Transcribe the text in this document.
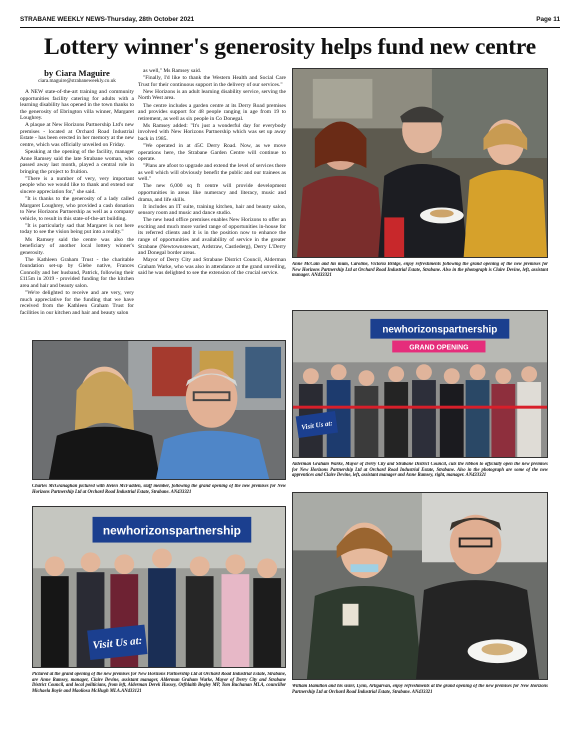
STRABANE WEEKLY NEWS-Thursday, 28th October 2021	Page 11
Lottery winner's generosity helps fund new centre
by Ciara Maguire
ciara.maguire@strabaneweekly.co.uk

A NEW state-of-the-art training and community opportunities facility catering for adults with a learning disability has opened in the town thanks to the generosity of Ebrington villa winner, Margaret Loughrey.

A plaque at New Horizons Partnership Ltd's new premises - located at Orchard Road Industrial Estate - has been erected in her memory at the new centre, which was officially unveiled on Friday.

Speaking at the opening of the facility, manager Anne Ramsey said the late Strabane woman, who passed away last month, played a central role in bringing the project to fruition.

"There is a number of very, very important people who we would like to thank and extend our sincere appreciation for," she said.

"It is thanks to the generosity of a lady called Margaret Loughrey, who provided a cash donation to New Horizons Partnership as well as a company vehicle, to result in this state-of-the-art building.

"It is particularly sad that Margaret is not here today to see the vision being put into a reality."

Ms Ramsey said the centre was also the beneficiary of another local lottery winner's generosity.

The Kathleen Graham Trust - the charitable foundation set-up by Glebe native, Frances Connolly and her husband, Patrick, following their £115m in 2019 - provided funding for the kitchen area and hair and beauty salon.

"We're delighted to receive and are very, very much appreciative for the funding that we have received from the Kathleen Graham Trust for facilities in our kitchen and hair and beauty salon

as well," Ms Ramsey said.

"Finally, I'd like to thank the Western Health and Social Care Trust for their continuous support in the delivery of our services."

New Horizons is an adult learning disability service, serving the North West area.

The centre includes a garden centre at its Derry Road premises and provides support for 48 people ranging in age from 19 to retirement, as well as six people in Co Donegal.

Ms Ramsey added: "It's just a wonderful day for everybody involved with New Horizons Partnership which was set up away back in 1985.

"We operated in at 45C Derry Road. Now, as we move operations here, the Strabane Garden Centre will continue to operate.

"Plans are afoot to upgrade and extend the level of services there as well which will obviously benefit the public and our trainees as well."

The new 6,000 sq ft centre will provide development opportunities in areas like numeracy and literacy, music and drama, and life skills.

It includes an IT suite, training kitchen, hair and beauty salon, sensory room and music and dance studio.

The new head office premises enables New Horizons to offer an exciting and much more varied range of opportunities in-house for its referred clients and it is in the position now to enhance the range of opportunities and availability of service in the greater Strabane (Newtownstewart, Ardstraw, Castlederg), Derry L'Derry and Donegal border areas.

Mayor of Derry City and Strabane District Council, Alderman Graham Warke, who was also in attendance at the grand unveiling, said he was delighted to see the extension of the crucial service.

Anne McCain and his mum, Caroline, Victoria Bridge, enjoy refreshments following the grand opening of the new premises for New Horizons Partnership Ltd at Orchard Road Industrial Estate, Strabane. Also in the photograph is Claire Devine, left, assistant manager. AN433321
Charles McGranaghan pictured with Helen McFadden, staff member, following the grand opening of the new premises for New Horizons Partnership Ltd at Orchard Road Industrial Estate, Strabane. AN433321
newhorizonspartnership
GRAND OPENING
Visit Us at:
Alderman Graham Warke, Mayor of Derry City and Strabane District Council, cuts the ribbon to officially open the new premises for New Horizons Partnership Ltd at Orchard Road Industrial Estate, Strabane. Also in the photograph are some of the new apprentices and Claire Devine, left, assistant manager and Anne Ramsey, right, manager. AN433321
newhorizonspartnership
Visit Us at:
Pictured at the grand opening of the new premises for New Horizons Partnership Ltd at Orchard Road Industrial Estate, Strabane, are Anne Ramsey, manager, Claire Devine, assistant manager, Alderman Graham Warke, Mayor of Derry City and Strabane District Council, and local politicians, from left, Alderman Derek Hussey, Orfhlaith Begley MP, Tom Buchanan MLA, councillor Michaela Boyle and Maoliosa McHugh MLA.AN433121
William Hamilton and his sister, Lynn, Artigarvan, enjoy refreshments at the grand opening of the new premises for New Horizons Partnership Ltd at Orchard Road Industrial Estate, Strabane. AN433321
